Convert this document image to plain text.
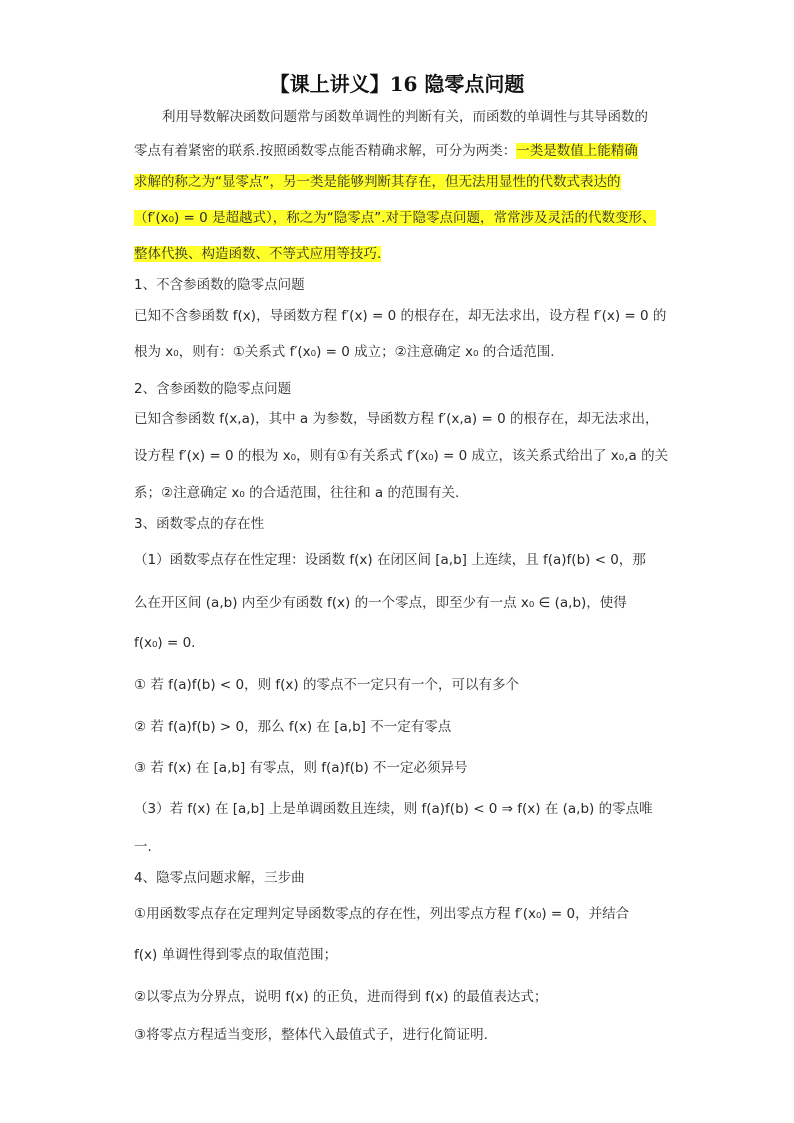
【课上讲义】16 隐零点问题
利用导数解决函数问题常与函数单调性的判断有关，而函数的单调性与其导函数的
零点有着紧密的联系.按照函数零点能否精确求解，可分为两类：一类是数值上能精确
求解的称之为“显零点”，另一类是能够判断其存在，但无法用显性的代数式表达的
（f′(x₀) = 0 是超越式），称之为“隐零点”.对于隐零点问题，常常涉及灵活的代数变形、
整体代换、构造函数、不等式应用等技巧.
1、不含参函数的隐零点问题
已知不含参函数 f(x)，导函数方程 f′(x) = 0 的根存在，却无法求出，设方程 f′(x) = 0 的
根为 x₀，则有：①关系式 f′(x₀) = 0 成立；②注意确定 x₀ 的合适范围.
2、含参函数的隐零点问题
已知含参函数 f(x,a)，其中 a 为参数，导函数方程 f′(x,a) = 0 的根存在，却无法求出，
设方程 f′(x) = 0 的根为 x₀，则有①有关系式 f′(x₀) = 0 成立，该关系式给出了 x₀,a 的关
系；②注意确定 x₀ 的合适范围，往往和 a 的范围有关.
3、函数零点的存在性
（1）函数零点存在性定理：设函数 f(x) 在闭区间 [a,b] 上连续，且 f(a)f(b) < 0，那
么在开区间 (a,b) 内至少有函数 f(x) 的一个零点，即至少有一点 x₀ ∈ (a,b)，使得
f(x₀) = 0.
① 若 f(a)f(b) < 0，则 f(x) 的零点不一定只有一个，可以有多个
② 若 f(a)f(b) > 0，那么 f(x) 在 [a,b] 不一定有零点
③ 若 f(x) 在 [a,b] 有零点，则 f(a)f(b) 不一定必须异号
（3）若 f(x) 在 [a,b] 上是单调函数且连续，则 f(a)f(b) < 0 ⇒ f(x) 在 (a,b) 的零点唯
一.
4、隐零点问题求解，三步曲
①用函数零点存在定理判定导函数零点的存在性，列出零点方程 f′(x₀) = 0，并结合
f(x) 单调性得到零点的取值范围；
②以零点为分界点，说明 f(x) 的正负，进而得到 f(x) 的最值表达式；
③将零点方程适当变形，整体代入最值式子，进行化简证明.
